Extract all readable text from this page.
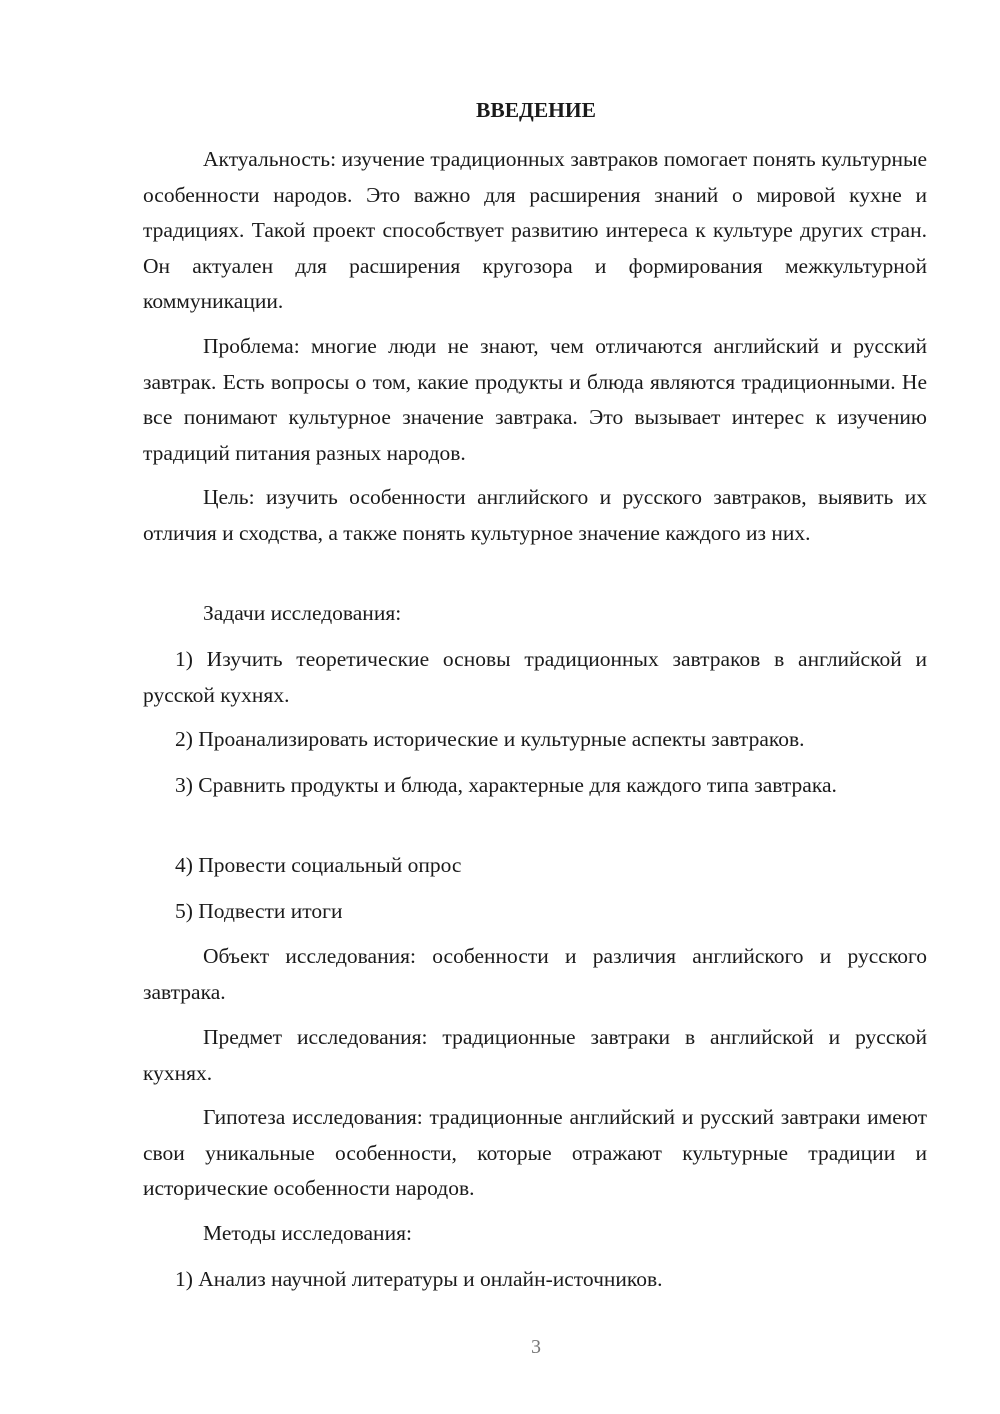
ВВЕДЕНИЕ
Актуальность: изучение традиционных завтраков помогает понять культурные особенности народов. Это важно для расширения знаний о мировой кухне и традициях. Такой проект способствует развитию интереса к культуре других стран. Он актуален для расширения кругозора и формирования межкультурной коммуникации.
Проблема: многие люди не знают, чем отличаются английский и русский завтрак. Есть вопросы о том, какие продукты и блюда являются традиционными. Не все понимают культурное значение завтрака. Это вызывает интерес к изучению традиций питания разных народов.
Цель: изучить особенности английского и русского завтраков, выявить их отличия и сходства, а также понять культурное значение каждого из них.
Задачи исследования:
1) Изучить теоретические основы традиционных завтраков в английской и русской кухнях.
2) Проанализировать исторические и культурные аспекты завтраков.
3) Сравнить продукты и блюда, характерные для каждого типа завтрака.
4) Провести социальный опрос
5) Подвести итоги
Объект исследования: особенности и различия английского и русского завтрака.
Предмет исследования: традиционные завтраки в английской и русской кухнях.
Гипотеза исследования: традиционные английский и русский завтраки имеют свои уникальные особенности, которые отражают культурные традиции и исторические особенности народов.
Методы исследования:
1) Анализ научной литературы и онлайн-источников.
3
